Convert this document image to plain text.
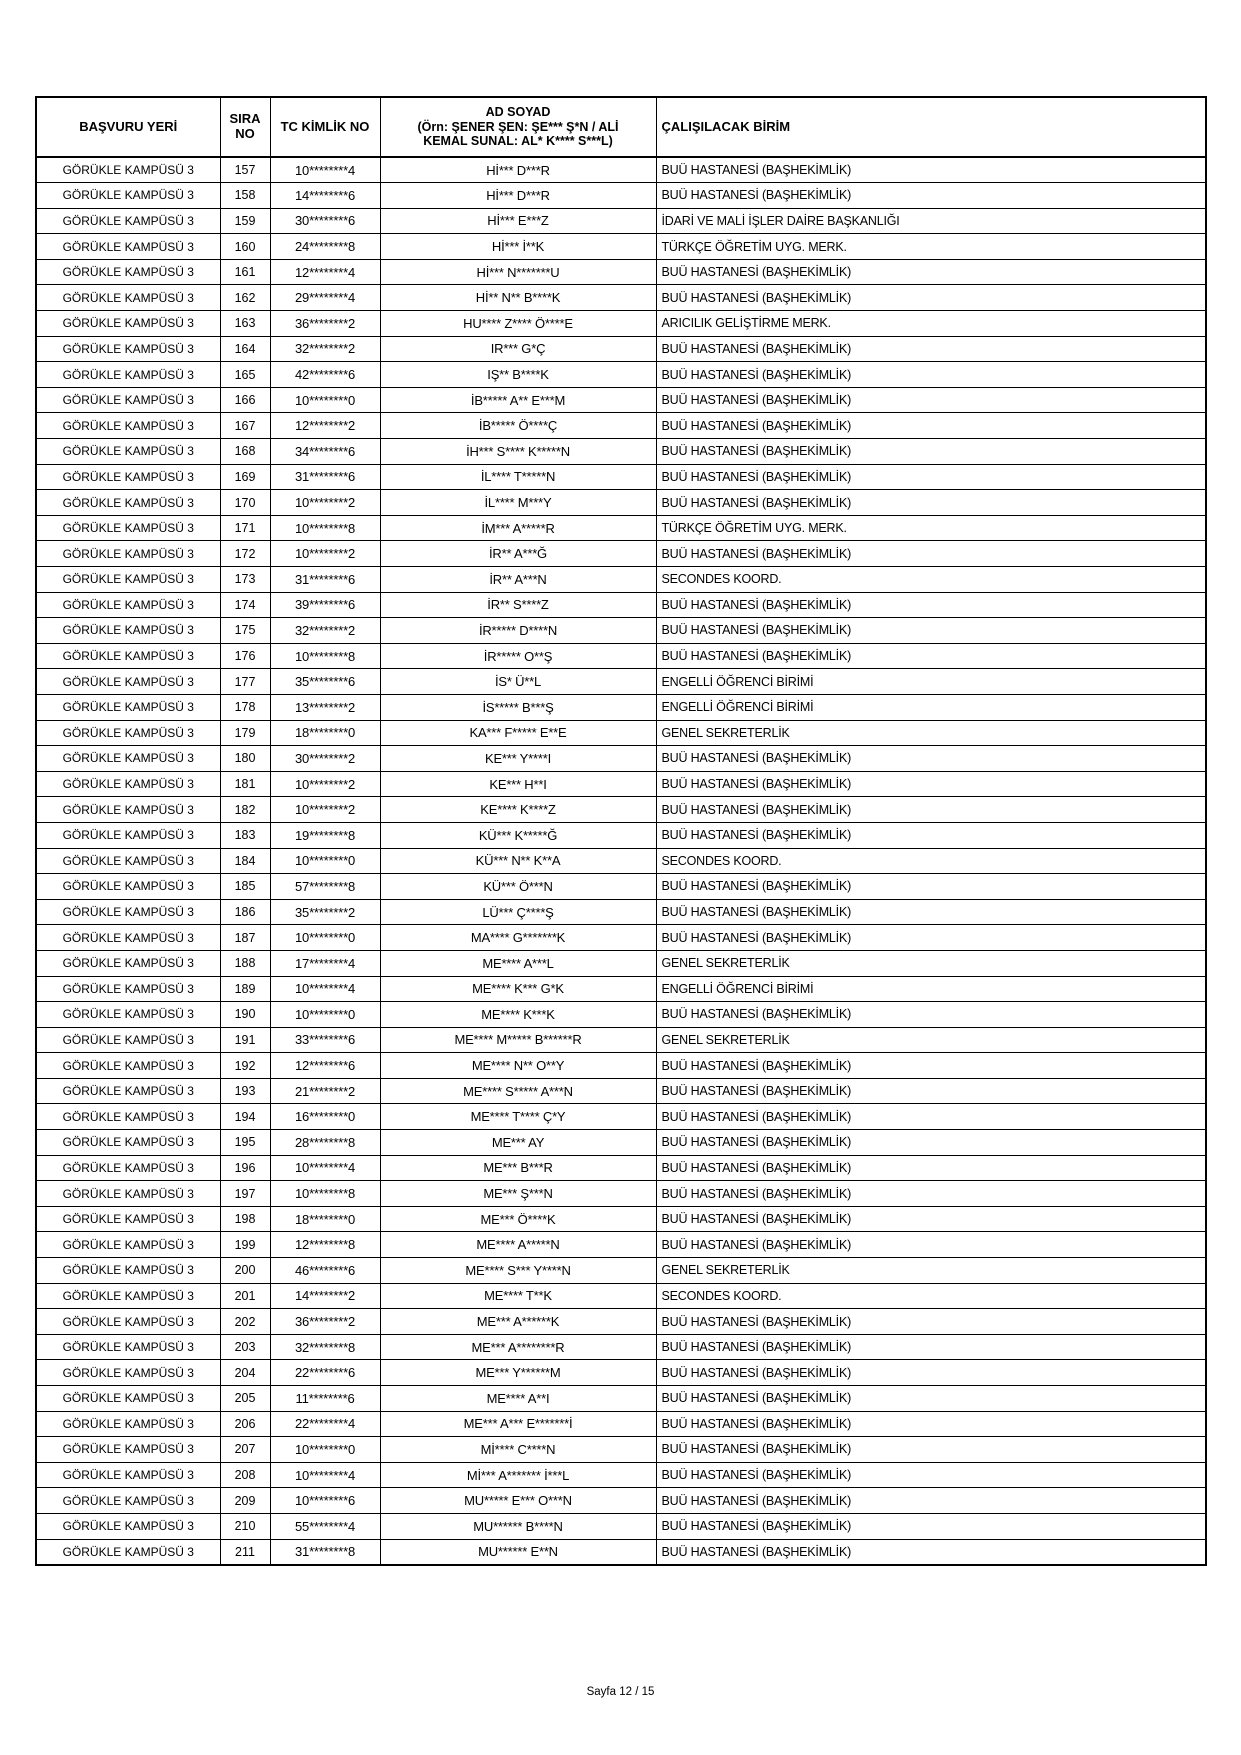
BAŞVURU YERİ	SIRA
NO	TC KİMLİK NO	AD SOYAD
(Örn: ŞENER ŞEN: ŞE*** Ş*N / ALİ
KEMAL SUNAL: AL* K**** S***L)	ÇALIŞILACAK BİRİM
GÖRÜKLE KAMPÜSÜ 3	157	10********4	Hİ*** D***R	BUÜ HASTANESİ (BAŞHEKİMLİK)
GÖRÜKLE KAMPÜSÜ 3	158	14********6	Hİ*** D***R	BUÜ HASTANESİ (BAŞHEKİMLİK)
GÖRÜKLE KAMPÜSÜ 3	159	30********6	Hİ*** E***Z	İDARİ VE MALİ İŞLER DAİRE BAŞKANLIĞI
GÖRÜKLE KAMPÜSÜ 3	160	24********8	Hİ*** İ**K	TÜRKÇE ÖĞRETİM UYG. MERK.
GÖRÜKLE KAMPÜSÜ 3	161	12********4	Hİ*** N*******U	BUÜ HASTANESİ (BAŞHEKİMLİK)
GÖRÜKLE KAMPÜSÜ 3	162	29********4	Hİ** N** B****K	BUÜ HASTANESİ (BAŞHEKİMLİK)
GÖRÜKLE KAMPÜSÜ 3	163	36********2	HU**** Z**** Ö****E	ARICILIK GELİŞTİRME MERK.
GÖRÜKLE KAMPÜSÜ 3	164	32********2	IR*** G*Ç	BUÜ HASTANESİ (BAŞHEKİMLİK)
GÖRÜKLE KAMPÜSÜ 3	165	42********6	IŞ** B****K	BUÜ HASTANESİ (BAŞHEKİMLİK)
GÖRÜKLE KAMPÜSÜ 3	166	10********0	İB***** A** E***M	BUÜ HASTANESİ (BAŞHEKİMLİK)
GÖRÜKLE KAMPÜSÜ 3	167	12********2	İB***** Ö****Ç	BUÜ HASTANESİ (BAŞHEKİMLİK)
GÖRÜKLE KAMPÜSÜ 3	168	34********6	İH*** S**** K*****N	BUÜ HASTANESİ (BAŞHEKİMLİK)
GÖRÜKLE KAMPÜSÜ 3	169	31********6	İL**** T*****N	BUÜ HASTANESİ (BAŞHEKİMLİK)
GÖRÜKLE KAMPÜSÜ 3	170	10********2	İL**** M***Y	BUÜ HASTANESİ (BAŞHEKİMLİK)
GÖRÜKLE KAMPÜSÜ 3	171	10********8	İM*** A*****R	TÜRKÇE ÖĞRETİM UYG. MERK.
GÖRÜKLE KAMPÜSÜ 3	172	10********2	İR** A***Ğ	BUÜ HASTANESİ (BAŞHEKİMLİK)
GÖRÜKLE KAMPÜSÜ 3	173	31********6	İR** A***N	SECONDES KOORD.
GÖRÜKLE KAMPÜSÜ 3	174	39********6	İR** S****Z	BUÜ HASTANESİ (BAŞHEKİMLİK)
GÖRÜKLE KAMPÜSÜ 3	175	32********2	İR***** D****N	BUÜ HASTANESİ (BAŞHEKİMLİK)
GÖRÜKLE KAMPÜSÜ 3	176	10********8	İR***** O**Ş	BUÜ HASTANESİ (BAŞHEKİMLİK)
GÖRÜKLE KAMPÜSÜ 3	177	35********6	İS* Ü**L	ENGELLİ ÖĞRENCİ BİRİMİ
GÖRÜKLE KAMPÜSÜ 3	178	13********2	İS***** B***Ş	ENGELLİ ÖĞRENCİ BİRİMİ
GÖRÜKLE KAMPÜSÜ 3	179	18********0	KA*** F***** E**E	GENEL SEKRETERLİK
GÖRÜKLE KAMPÜSÜ 3	180	30********2	KE*** Y****I	BUÜ HASTANESİ (BAŞHEKİMLİK)
GÖRÜKLE KAMPÜSÜ 3	181	10********2	KE*** H**I	BUÜ HASTANESİ (BAŞHEKİMLİK)
GÖRÜKLE KAMPÜSÜ 3	182	10********2	KE**** K****Z	BUÜ HASTANESİ (BAŞHEKİMLİK)
GÖRÜKLE KAMPÜSÜ 3	183	19********8	KÜ*** K*****Ğ	BUÜ HASTANESİ (BAŞHEKİMLİK)
GÖRÜKLE KAMPÜSÜ 3	184	10********0	KÜ*** N** K**A	SECONDES KOORD.
GÖRÜKLE KAMPÜSÜ 3	185	57********8	KÜ*** Ö***N	BUÜ HASTANESİ (BAŞHEKİMLİK)
GÖRÜKLE KAMPÜSÜ 3	186	35********2	LÜ*** Ç****Ş	BUÜ HASTANESİ (BAŞHEKİMLİK)
GÖRÜKLE KAMPÜSÜ 3	187	10********0	MA**** G*******K	BUÜ HASTANESİ (BAŞHEKİMLİK)
GÖRÜKLE KAMPÜSÜ 3	188	17********4	ME**** A***L	GENEL SEKRETERLİK
GÖRÜKLE KAMPÜSÜ 3	189	10********4	ME**** K*** G*K	ENGELLİ ÖĞRENCİ BİRİMİ
GÖRÜKLE KAMPÜSÜ 3	190	10********0	ME**** K***K	BUÜ HASTANESİ (BAŞHEKİMLİK)
GÖRÜKLE KAMPÜSÜ 3	191	33********6	ME**** M***** B******R	GENEL SEKRETERLİK
GÖRÜKLE KAMPÜSÜ 3	192	12********6	ME**** N** O**Y	BUÜ HASTANESİ (BAŞHEKİMLİK)
GÖRÜKLE KAMPÜSÜ 3	193	21********2	ME**** S***** A***N	BUÜ HASTANESİ (BAŞHEKİMLİK)
GÖRÜKLE KAMPÜSÜ 3	194	16********0	ME**** T**** Ç*Y	BUÜ HASTANESİ (BAŞHEKİMLİK)
GÖRÜKLE KAMPÜSÜ 3	195	28********8	ME*** AY	BUÜ HASTANESİ (BAŞHEKİMLİK)
GÖRÜKLE KAMPÜSÜ 3	196	10********4	ME*** B***R	BUÜ HASTANESİ (BAŞHEKİMLİK)
GÖRÜKLE KAMPÜSÜ 3	197	10********8	ME*** Ş***N	BUÜ HASTANESİ (BAŞHEKİMLİK)
GÖRÜKLE KAMPÜSÜ 3	198	18********0	ME*** Ö****K	BUÜ HASTANESİ (BAŞHEKİMLİK)
GÖRÜKLE KAMPÜSÜ 3	199	12********8	ME**** A*****N	BUÜ HASTANESİ (BAŞHEKİMLİK)
GÖRÜKLE KAMPÜSÜ 3	200	46********6	ME**** S*** Y****N	GENEL SEKRETERLİK
GÖRÜKLE KAMPÜSÜ 3	201	14********2	ME**** T**K	SECONDES KOORD.
GÖRÜKLE KAMPÜSÜ 3	202	36********2	ME*** A******K	BUÜ HASTANESİ (BAŞHEKİMLİK)
GÖRÜKLE KAMPÜSÜ 3	203	32********8	ME*** A********R	BUÜ HASTANESİ (BAŞHEKİMLİK)
GÖRÜKLE KAMPÜSÜ 3	204	22********6	ME*** Y******M	BUÜ HASTANESİ (BAŞHEKİMLİK)
GÖRÜKLE KAMPÜSÜ 3	205	11********6	ME**** A**I	BUÜ HASTANESİ (BAŞHEKİMLİK)
GÖRÜKLE KAMPÜSÜ 3	206	22********4	ME*** A*** E*******İ	BUÜ HASTANESİ (BAŞHEKİMLİK)
GÖRÜKLE KAMPÜSÜ 3	207	10********0	Mİ**** C****N	BUÜ HASTANESİ (BAŞHEKİMLİK)
GÖRÜKLE KAMPÜSÜ 3	208	10********4	Mİ*** A******* İ***L	BUÜ HASTANESİ (BAŞHEKİMLİK)
GÖRÜKLE KAMPÜSÜ 3	209	10********6	MU***** E*** O***N	BUÜ HASTANESİ (BAŞHEKİMLİK)
GÖRÜKLE KAMPÜSÜ 3	210	55********4	MU****** B****N	BUÜ HASTANESİ (BAŞHEKİMLİK)
GÖRÜKLE KAMPÜSÜ 3	211	31********8	MU****** E**N	BUÜ HASTANESİ (BAŞHEKİMLİK)
Sayfa 12 / 15
